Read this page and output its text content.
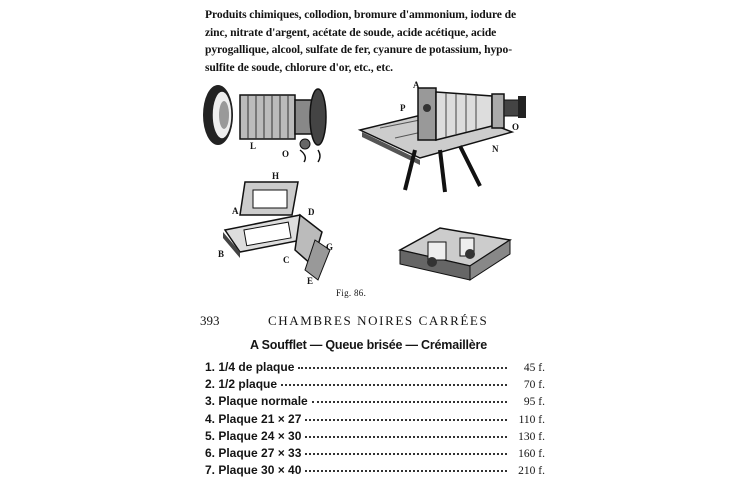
Produits chimiques, collodion, bromure d'ammonium, iodure de
zinc, nitrate d'argent, acétate de soude, acide acétique, acide
pyrogallique, alcool, sulfate de fer, cyanure de potassium, hypo-
sulfite de soude, chlorure d'or, etc., etc.
L
O
A
P
O
N
H
A	D
B
C
G
E
Fig. 86.
393	CHAMBRES NOIRES CARRÉES
A Soufflet — Queue brisée — Crémaillère
1. 1/4 de plaque	45 f.
2. 1/2 plaque	70 f.
3. Plaque normale	95 f.
4. Plaque 21 × 27	110 f.
5. Plaque 24 × 30	130 f.
6. Plaque 27 × 33	160 f.
7. Plaque 30 × 40	210 f.
